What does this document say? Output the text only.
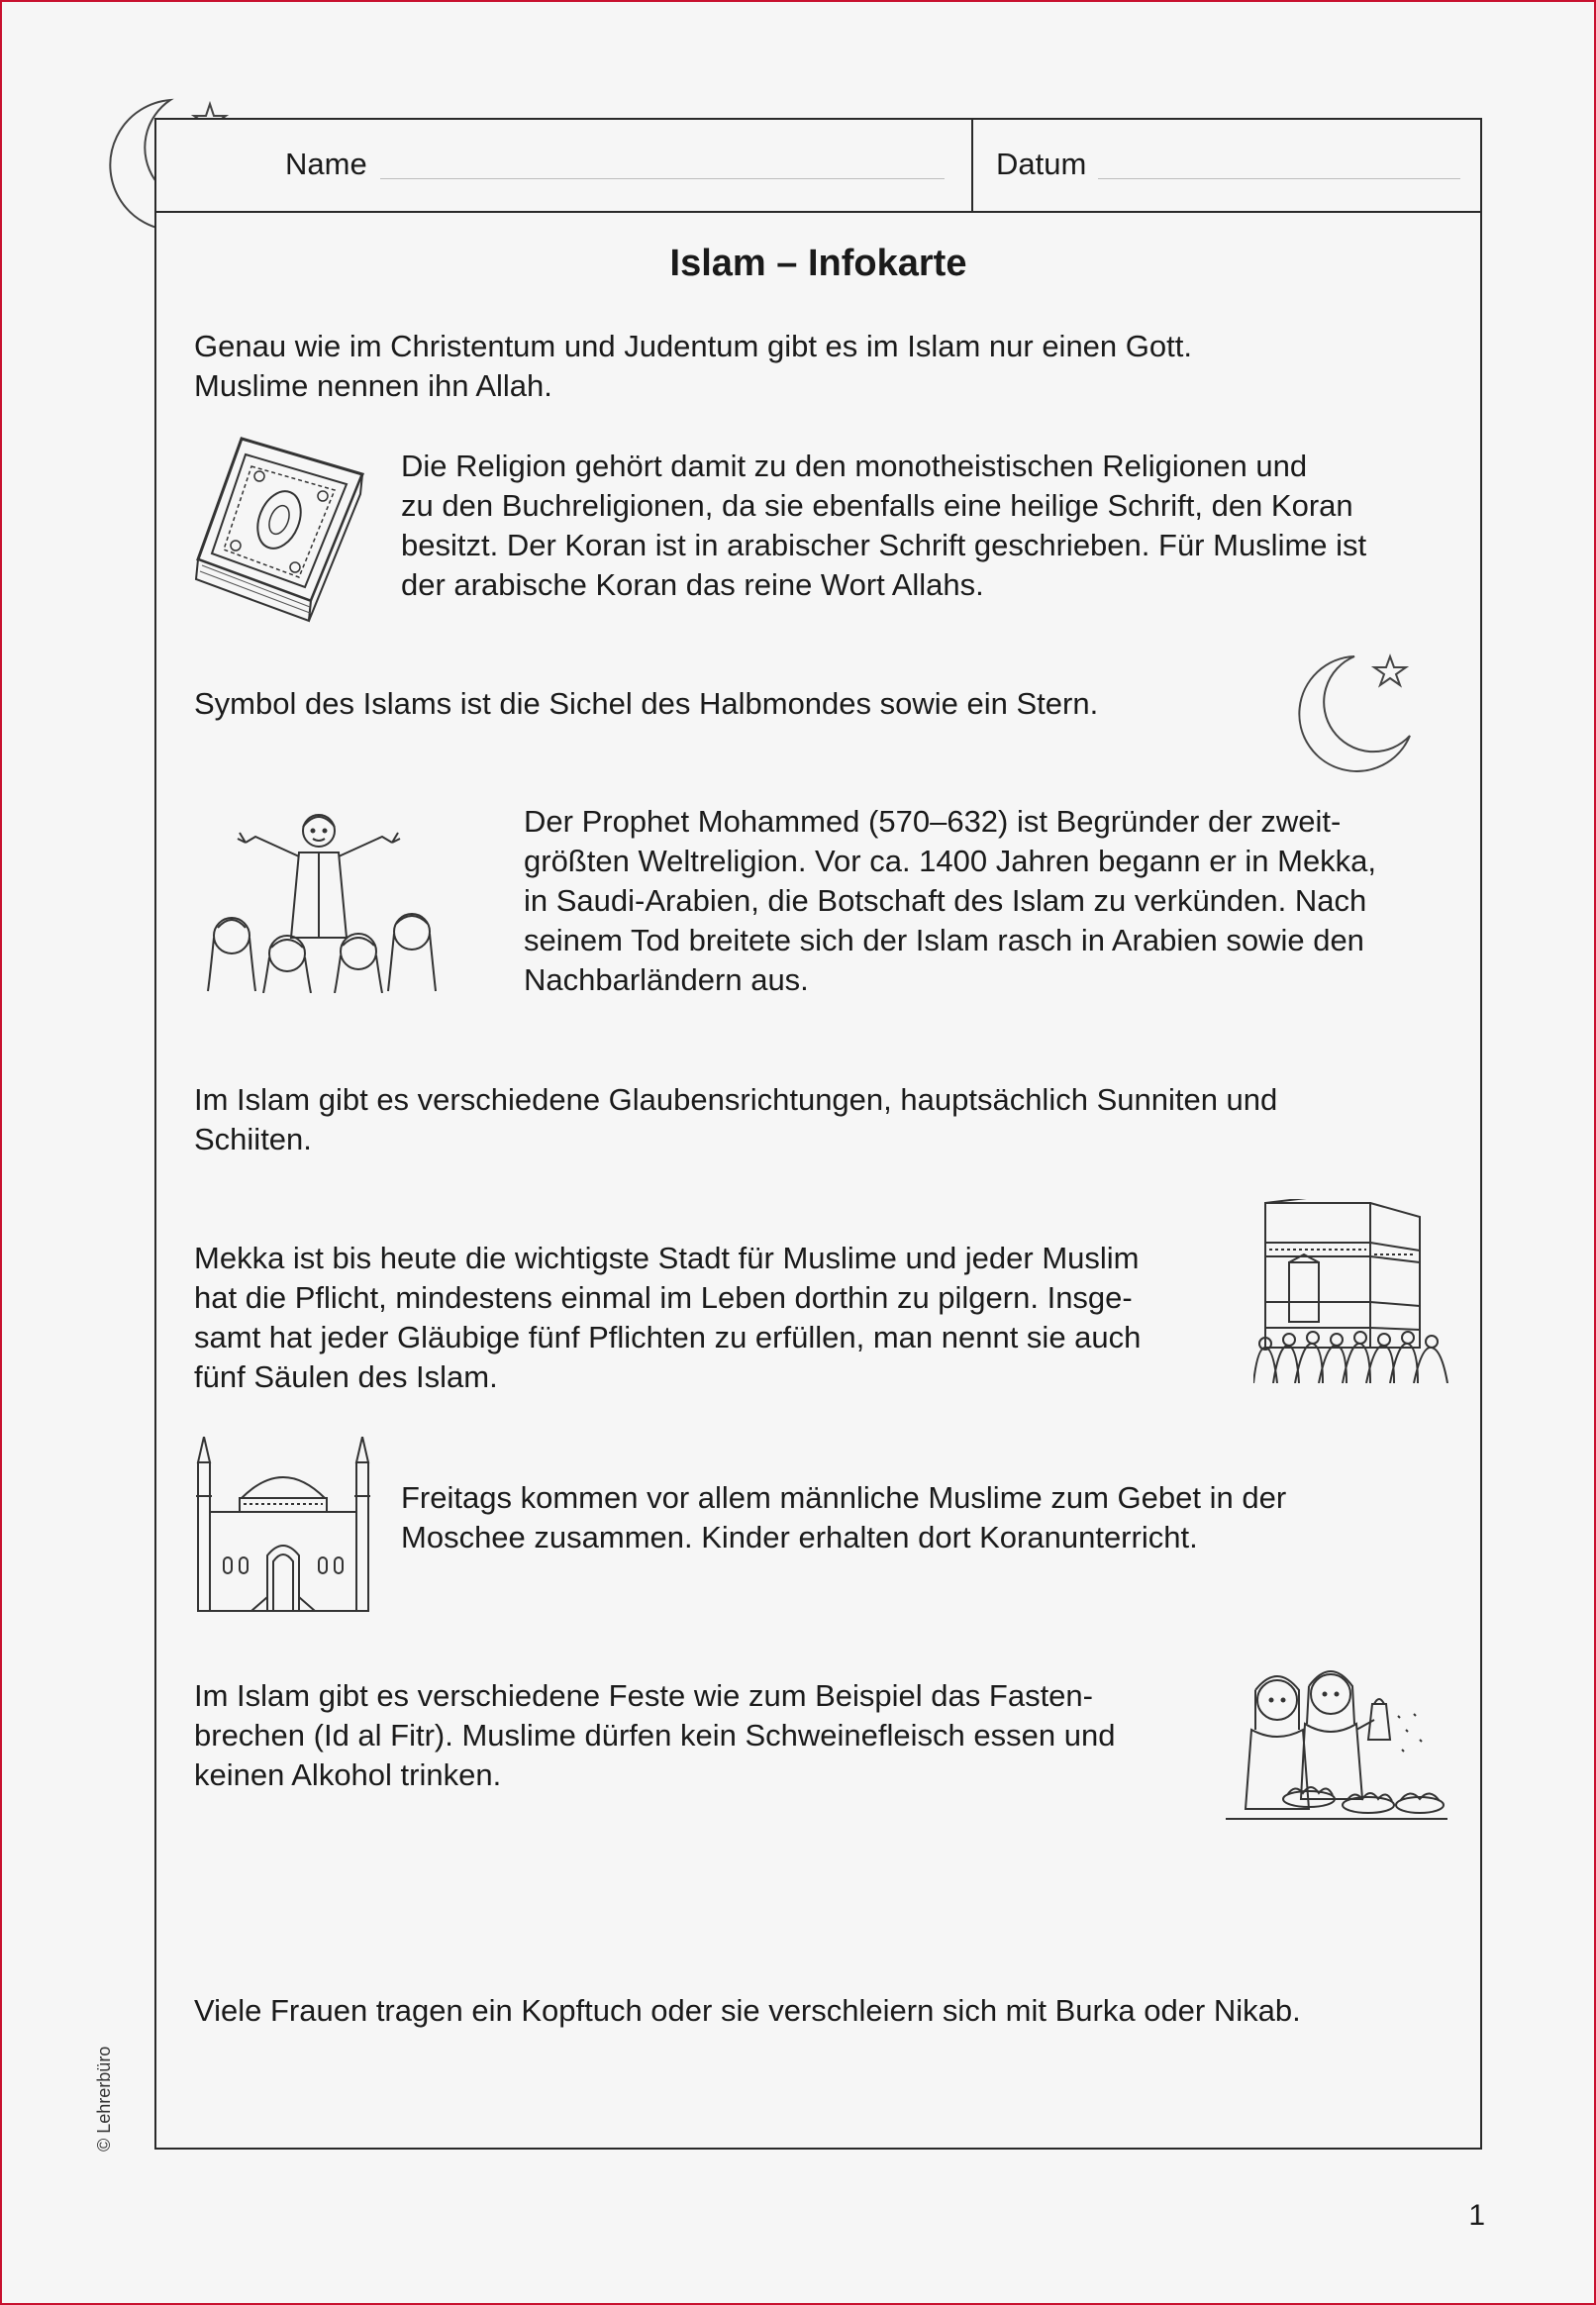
Name	Datum
Islam – Infokarte

Genau wie im Christentum und Judentum gibt es im Islam nur einen Gott.
Muslime nennen ihn Allah.

Die Religion gehört damit zu den monotheistischen Religionen und
zu den Buchreligionen, da sie ebenfalls eine heilige Schrift, den Koran
besitzt. Der Koran ist in arabischer Schrift geschrieben. Für Muslime ist
der arabische Koran das reine Wort Allahs.

Symbol des Islams ist die Sichel des Halbmondes sowie ein Stern.

Der Prophet Mohammed (570–632) ist Begründer der zweit-
größten Weltreligion. Vor ca. 1400 Jahren begann er in Mekka,
in Saudi-Arabien, die Botschaft des Islam zu verkünden. Nach
seinem Tod breitete sich der Islam rasch in Arabien sowie den
Nachbarländern aus.

Im Islam gibt es verschiedene Glaubensrichtungen, hauptsächlich Sunniten und
Schiiten.

Mekka ist bis heute die wichtigste Stadt für Muslime und jeder Muslim
hat die Pflicht, mindestens einmal im Leben dorthin zu pilgern. Insge-
samt hat jeder Gläubige fünf Pflichten zu erfüllen, man nennt sie auch
fünf Säulen des Islam.

Freitags kommen vor allem männliche Muslime zum Gebet in der
Moschee zusammen. Kinder erhalten dort Koranunterricht.

Im Islam gibt es verschiedene Feste wie zum Beispiel das Fasten-
brechen (Id al Fitr). Muslime dürfen kein Schweinefleisch essen und
keinen Alkohol trinken.

Viele Frauen tragen ein Kopftuch oder sie verschleiern sich mit Burka oder Nikab.

© Lehrerbüro
1
